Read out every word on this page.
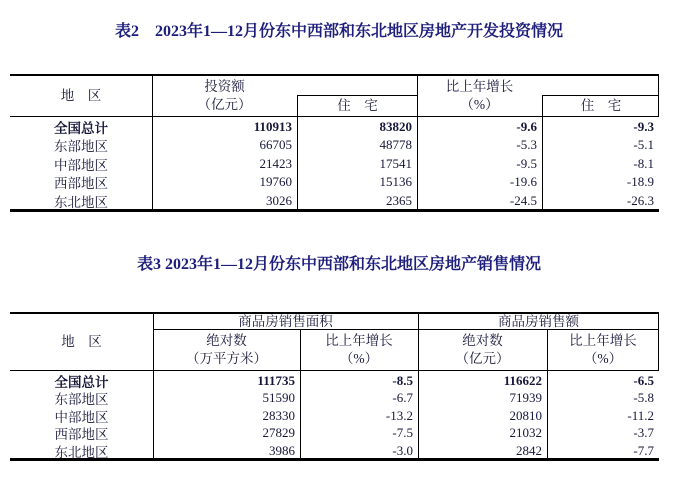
表2　2023年1—12月份东中西部和东北地区房地产开发投资情况
地　区
投资额
（亿元）	住　宅
比上年增长
（%）	住　宅
全国总计	110913	83820	-9.6	-9.3
东部地区	66705	48778	-5.3	-5.1
中部地区	21423	17541	-9.5	-8.1
西部地区	19760	15136	-19.6	-18.9
东北地区	3026	2365	-24.5	-26.3
表3 2023年1—12月份东中西部和东北地区房地产销售情况
地　区
商品房销售面积	商品房销售额
绝对数
（万平方米）
比上年增长
（%）
绝对数
（亿元）
比上年增长
（%）
全国总计	111735	-8.5	116622	-6.5
东部地区	51590	-6.7	71939	-5.8
中部地区	28330	-13.2	20810	-11.2
西部地区	27829	-7.5	21032	-3.7
东北地区	3986	-3.0	2842	-7.7
